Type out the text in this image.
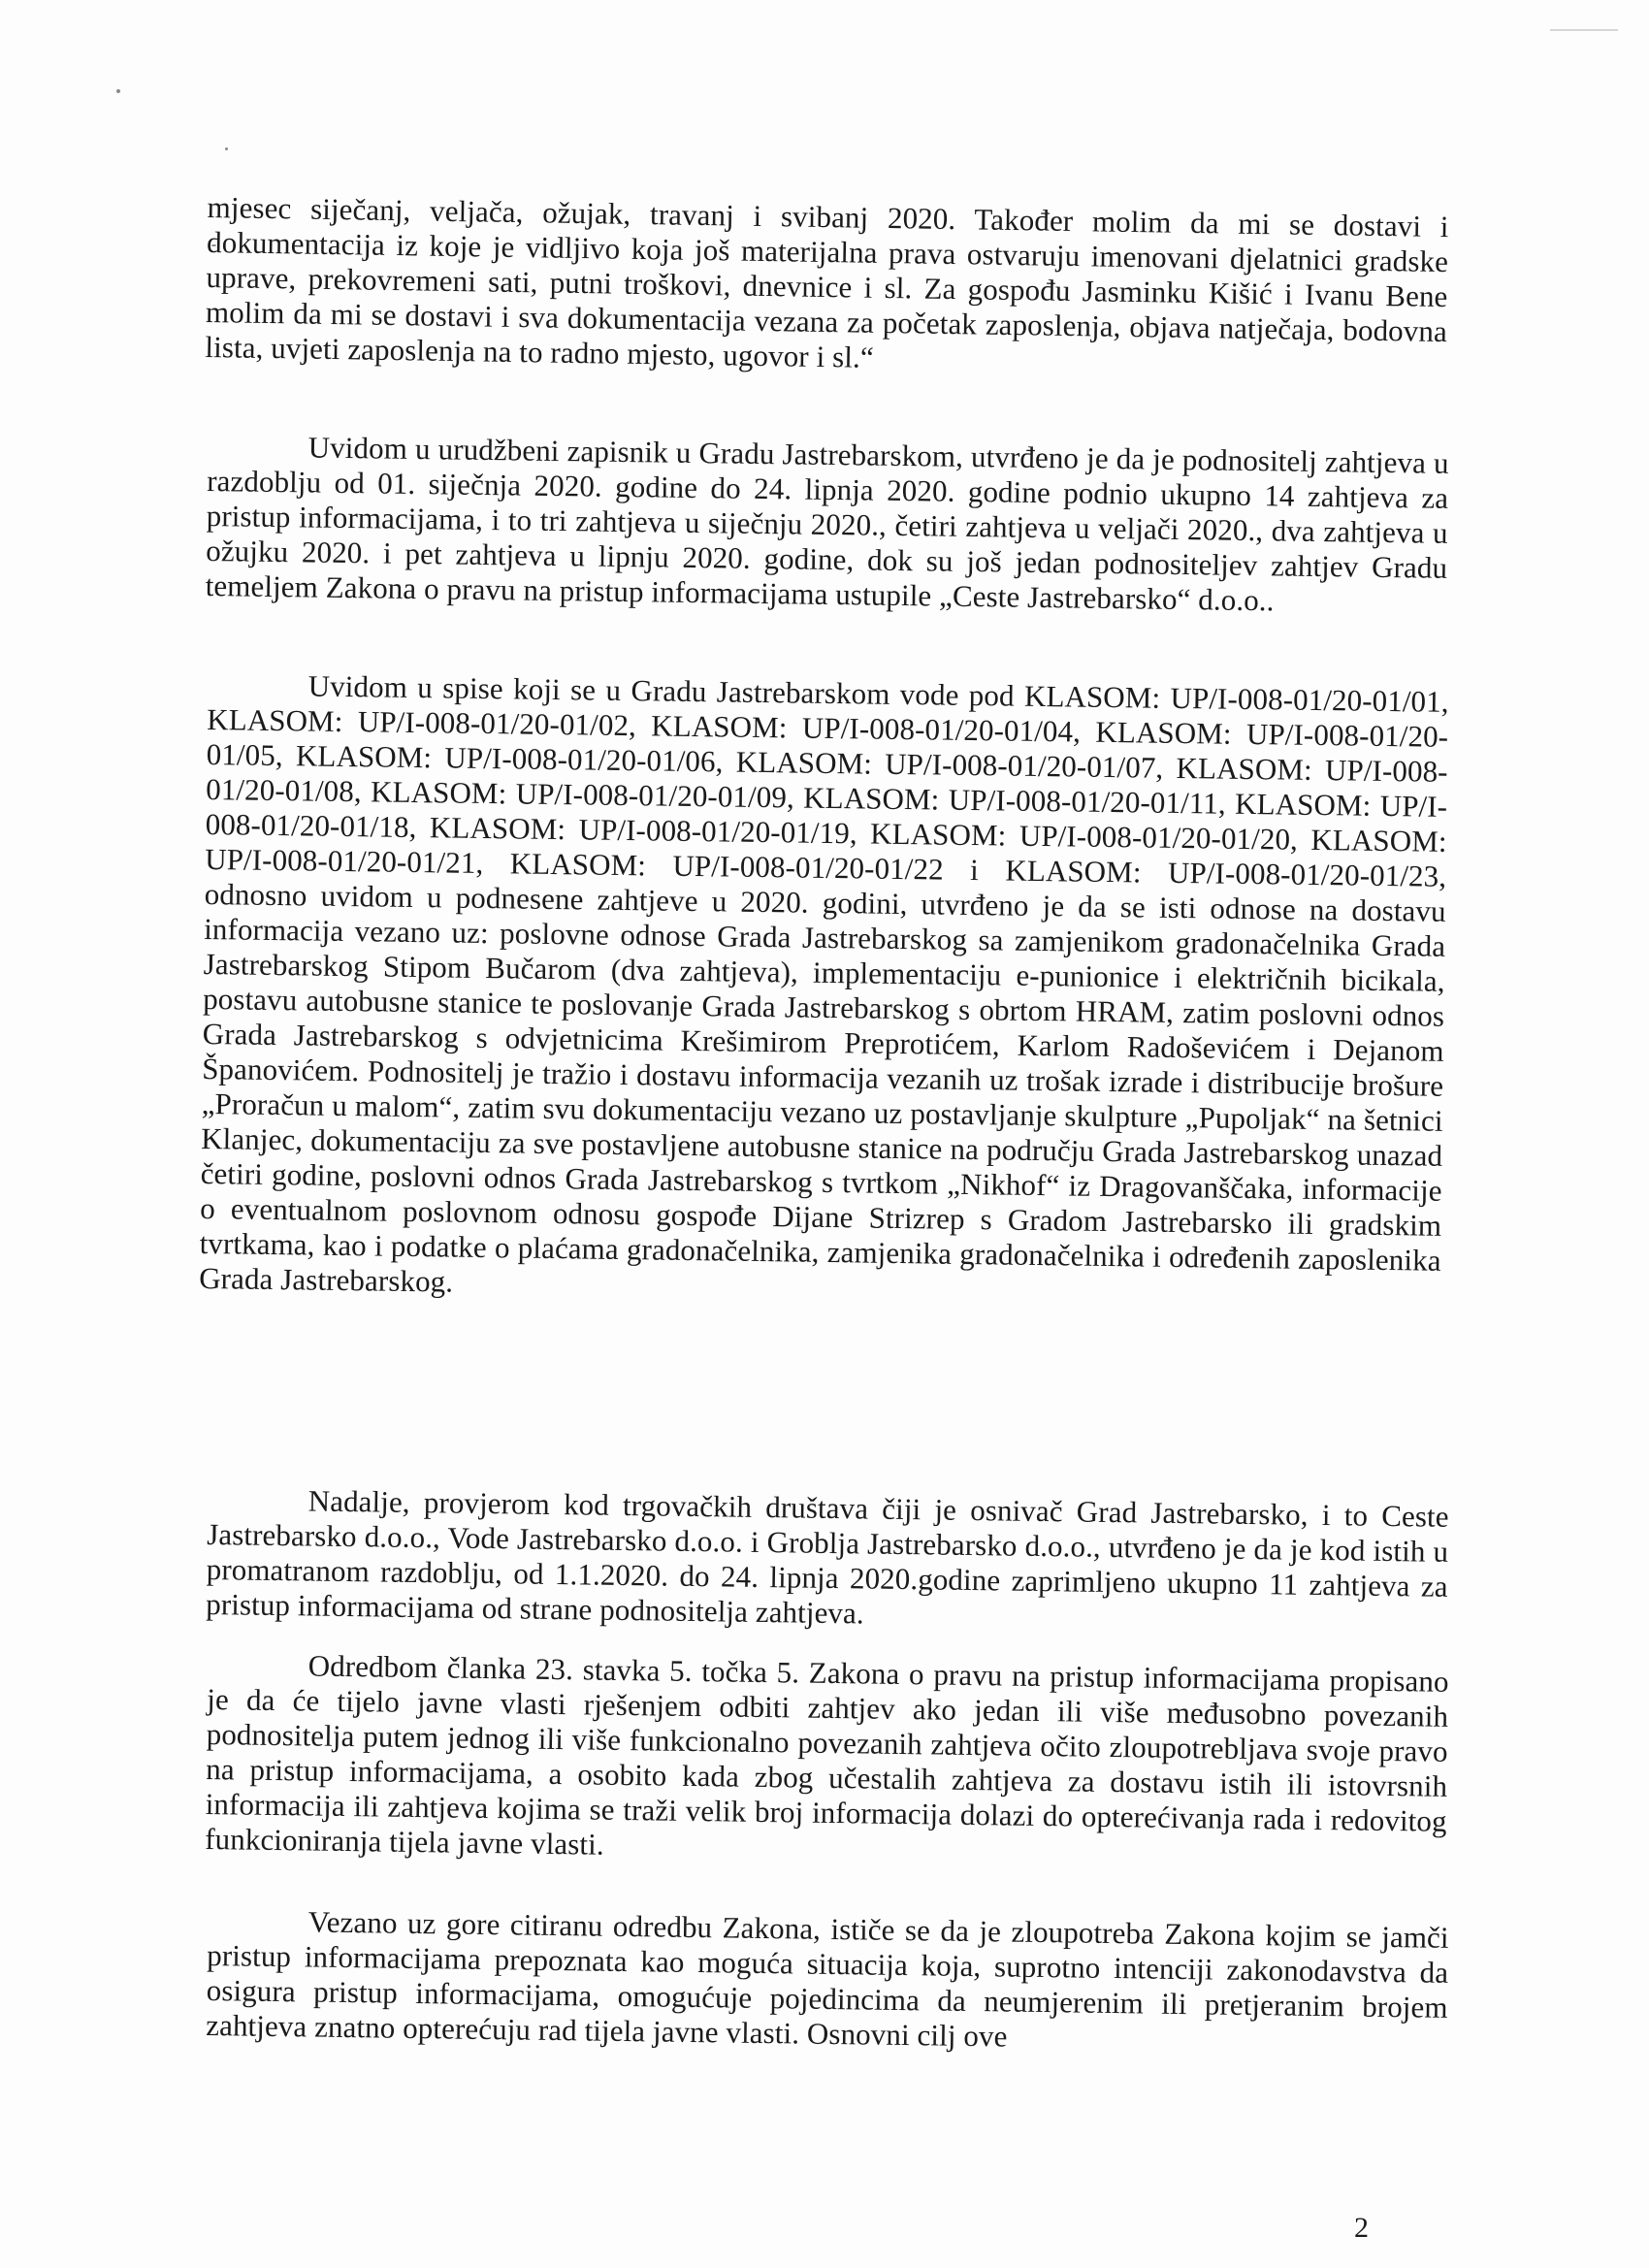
mjesec siječanj, veljača, ožujak, travanj i svibanj 2020. Također molim da mi se dostavi i dokumentacija iz koje je vidljivo koja još materijalna prava ostvaruju imenovani djelatnici gradske uprave, prekovremeni sati, putni troškovi, dnevnice i sl. Za gospođu Jasminku Kišić i Ivanu Bene molim da mi se dostavi i sva dokumentacija vezana za početak zaposlenja, objava natječaja, bodovna lista, uvjeti zaposlenja na to radno mjesto, ugovor i sl.“
Uvidom u urudžbeni zapisnik u Gradu Jastrebarskom, utvrđeno je da je podnositelj zahtjeva u razdoblju od 01. siječnja 2020. godine do 24. lipnja 2020. godine podnio ukupno 14 zahtjeva za pristup informacijama, i to tri zahtjeva u siječnju 2020., četiri zahtjeva u veljači 2020., dva zahtjeva u ožujku 2020. i pet zahtjeva u lipnju 2020. godine, dok su još jedan podnositeljev zahtjev Gradu temeljem Zakona o pravu na pristup informacijama ustupile „Ceste Jastrebarsko“ d.o.o..
Uvidom u spise koji se u Gradu Jastrebarskom vode pod KLASOM: UP/I-008-01/20-01/01, KLASOM: UP/I-008-01/20-01/02, KLASOM: UP/I-008-01/20-01/04, KLASOM: UP/I-008-01/20-01/05, KLASOM: UP/I-008-01/20-01/06, KLASOM: UP/I-008-01/20-01/07, KLASOM: UP/I-008-01/20-01/08, KLASOM: UP/I-008-01/20-01/09, KLASOM: UP/I-008-01/20-01/11, KLASOM: UP/I-008-01/20-01/18, KLASOM: UP/I-008-01/20-01/19, KLASOM: UP/I-008-01/20-01/20, KLASOM: UP/I-008-01/20-01/21, KLASOM: UP/I-008-01/20-01/22 i KLASOM: UP/I-008-01/20-01/23, odnosno uvidom u podnesene zahtjeve u 2020. godini, utvrđeno je da se isti odnose na dostavu informacija vezano uz: poslovne odnose Grada Jastrebarskog sa zamjenikom gradonačelnika Grada Jastrebarskog Stipom Bučarom (dva zahtjeva), implementaciju e-punionice i električnih bicikala, postavu autobusne stanice te poslovanje Grada Jastrebarskog s obrtom HRAM, zatim poslovni odnos Grada Jastrebarskog s odvjetnicima Krešimirom Preprotićem, Karlom Radoševićem i Dejanom Španovićem. Podnositelj je tražio i dostavu informacija vezanih uz trošak izrade i distribucije brošure „Proračun u malom“, zatim svu dokumentaciju vezano uz postavljanje skulpture „Pupoljak“ na šetnici Klanjec, dokumentaciju za sve postavljene autobusne stanice na području Grada Jastrebarskog unazad četiri godine, poslovni odnos Grada Jastrebarskog s tvrtkom „Nikhof“ iz Dragovanščaka, informacije o eventualnom poslovnom odnosu gospođe Dijane Strizrep s Gradom Jastrebarsko ili gradskim tvrtkama, kao i podatke o plaćama gradonačelnika, zamjenika gradonačelnika i određenih zaposlenika Grada Jastrebarskog.
Nadalje, provjerom kod trgovačkih društava čiji je osnivač Grad Jastrebarsko, i to Ceste Jastrebarsko d.o.o., Vode Jastrebarsko d.o.o. i Groblja Jastrebarsko d.o.o., utvrđeno je da je kod istih u promatranom razdoblju, od 1.1.2020. do 24. lipnja 2020.godine zaprimljeno ukupno 11 zahtjeva za pristup informacijama od strane podnositelja zahtjeva.
Odredbom članka 23. stavka 5. točka 5. Zakona o pravu na pristup informacijama propisano je da će tijelo javne vlasti rješenjem odbiti zahtjev ako jedan ili više međusobno povezanih podnositelja putem jednog ili više funkcionalno povezanih zahtjeva očito zloupotrebljava svoje pravo na pristup informacijama, a osobito kada zbog učestalih zahtjeva za dostavu istih ili istovrsnih informacija ili zahtjeva kojima se traži velik broj informacija dolazi do opterećivanja rada i redovitog funkcioniranja tijela javne vlasti.
Vezano uz gore citiranu odredbu Zakona, ističe se da je zloupotreba Zakona kojim se jamči pristup informacijama prepoznata kao moguća situacija koja, suprotno intenciji zakonodavstva da osigura pristup informacijama, omogućuje pojedincima da neumjerenim ili pretjeranim brojem zahtjeva znatno opterećuju rad tijela javne vlasti. Osnovni cilj ove
2
